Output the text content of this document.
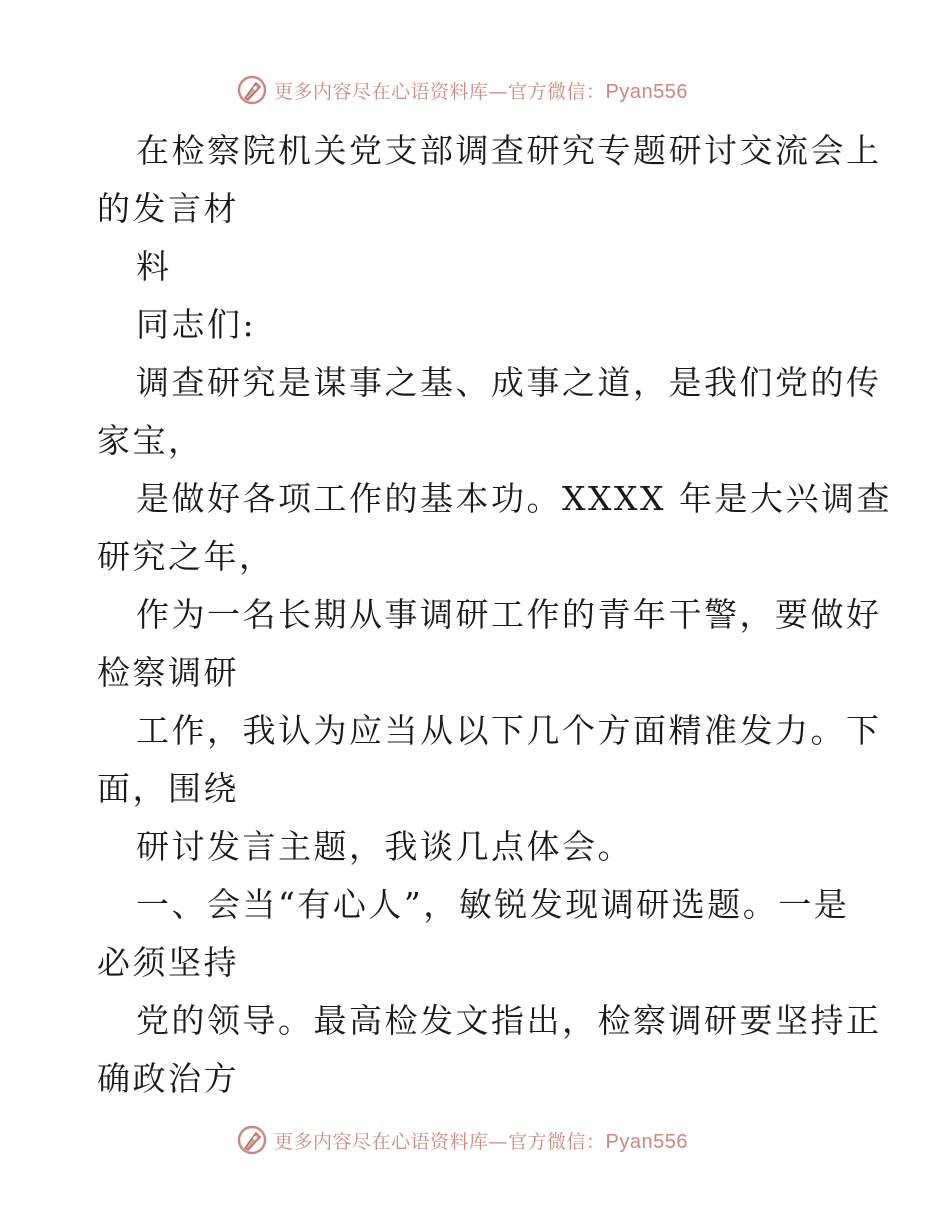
更多内容尽在心语资料库—官方微信：Pyan556
在检察院机关党支部调查研究专题研讨交流会上
的发言材
料
同志们:
调查研究是谋事之基、成事之道，是我们党的传
家宝，
是做好各项工作的基本功。XXXX 年是大兴调查
研究之年，
作为一名长期从事调研工作的青年干警，要做好
检察调研
工作，我认为应当从以下几个方面精准发力。下
面，围绕
研讨发言主题，我谈几点体会。
一、会当“有心人”，敏锐发现调研选题。一是
必须坚持
党的领导。最高检发文指出，检察调研要坚持正
确政治方
更多内容尽在心语资料库—官方微信：Pyan556
